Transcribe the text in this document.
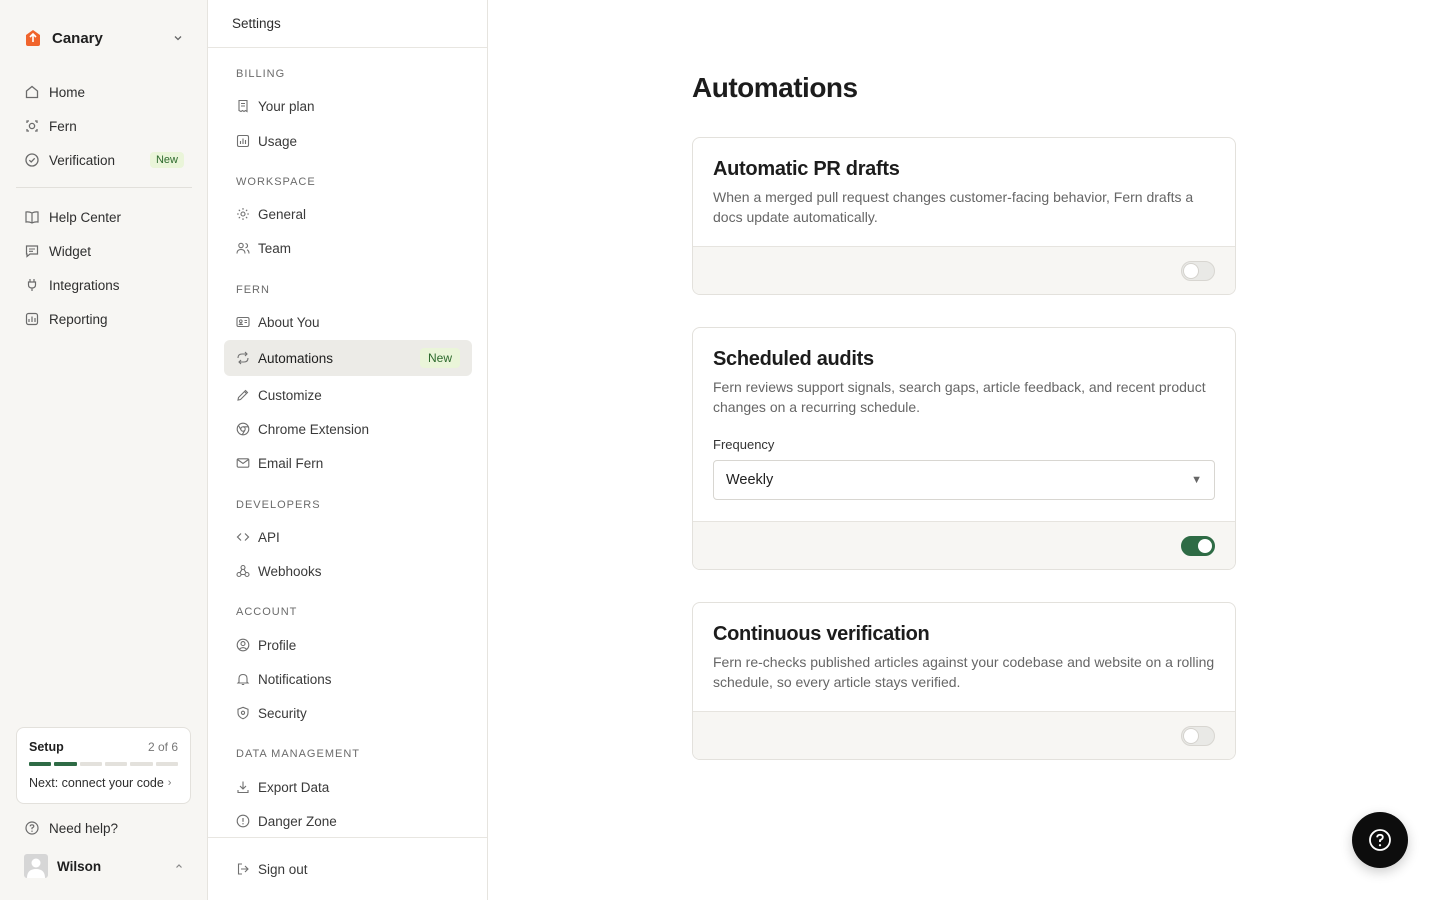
Canary
Home
Fern
Verification	New
Help Center
Widget
Integrations
Reporting
Setup	2 of 6
Next: connect your code ›
Need help?
Wilson
Settings
BILLING
Your plan
Usage
WORKSPACE
General
Team
FERN
About You
Automations	New
Customize
Chrome Extension
Email Fern
DEVELOPERS
API
Webhooks
ACCOUNT
Profile
Notifications
Security
DATA MANAGEMENT
Export Data
Danger Zone
Sign out
Automations
Automatic PR drafts
When a merged pull request changes customer-facing behavior, Fern drafts a docs update automatically.
Scheduled audits
Fern reviews support signals, search gaps, article feedback, and recent product changes on a recurring schedule.
Frequency
Weekly	▼
Continuous verification
Fern re-checks published articles against your codebase and website on a rolling schedule, so every article stays verified.
